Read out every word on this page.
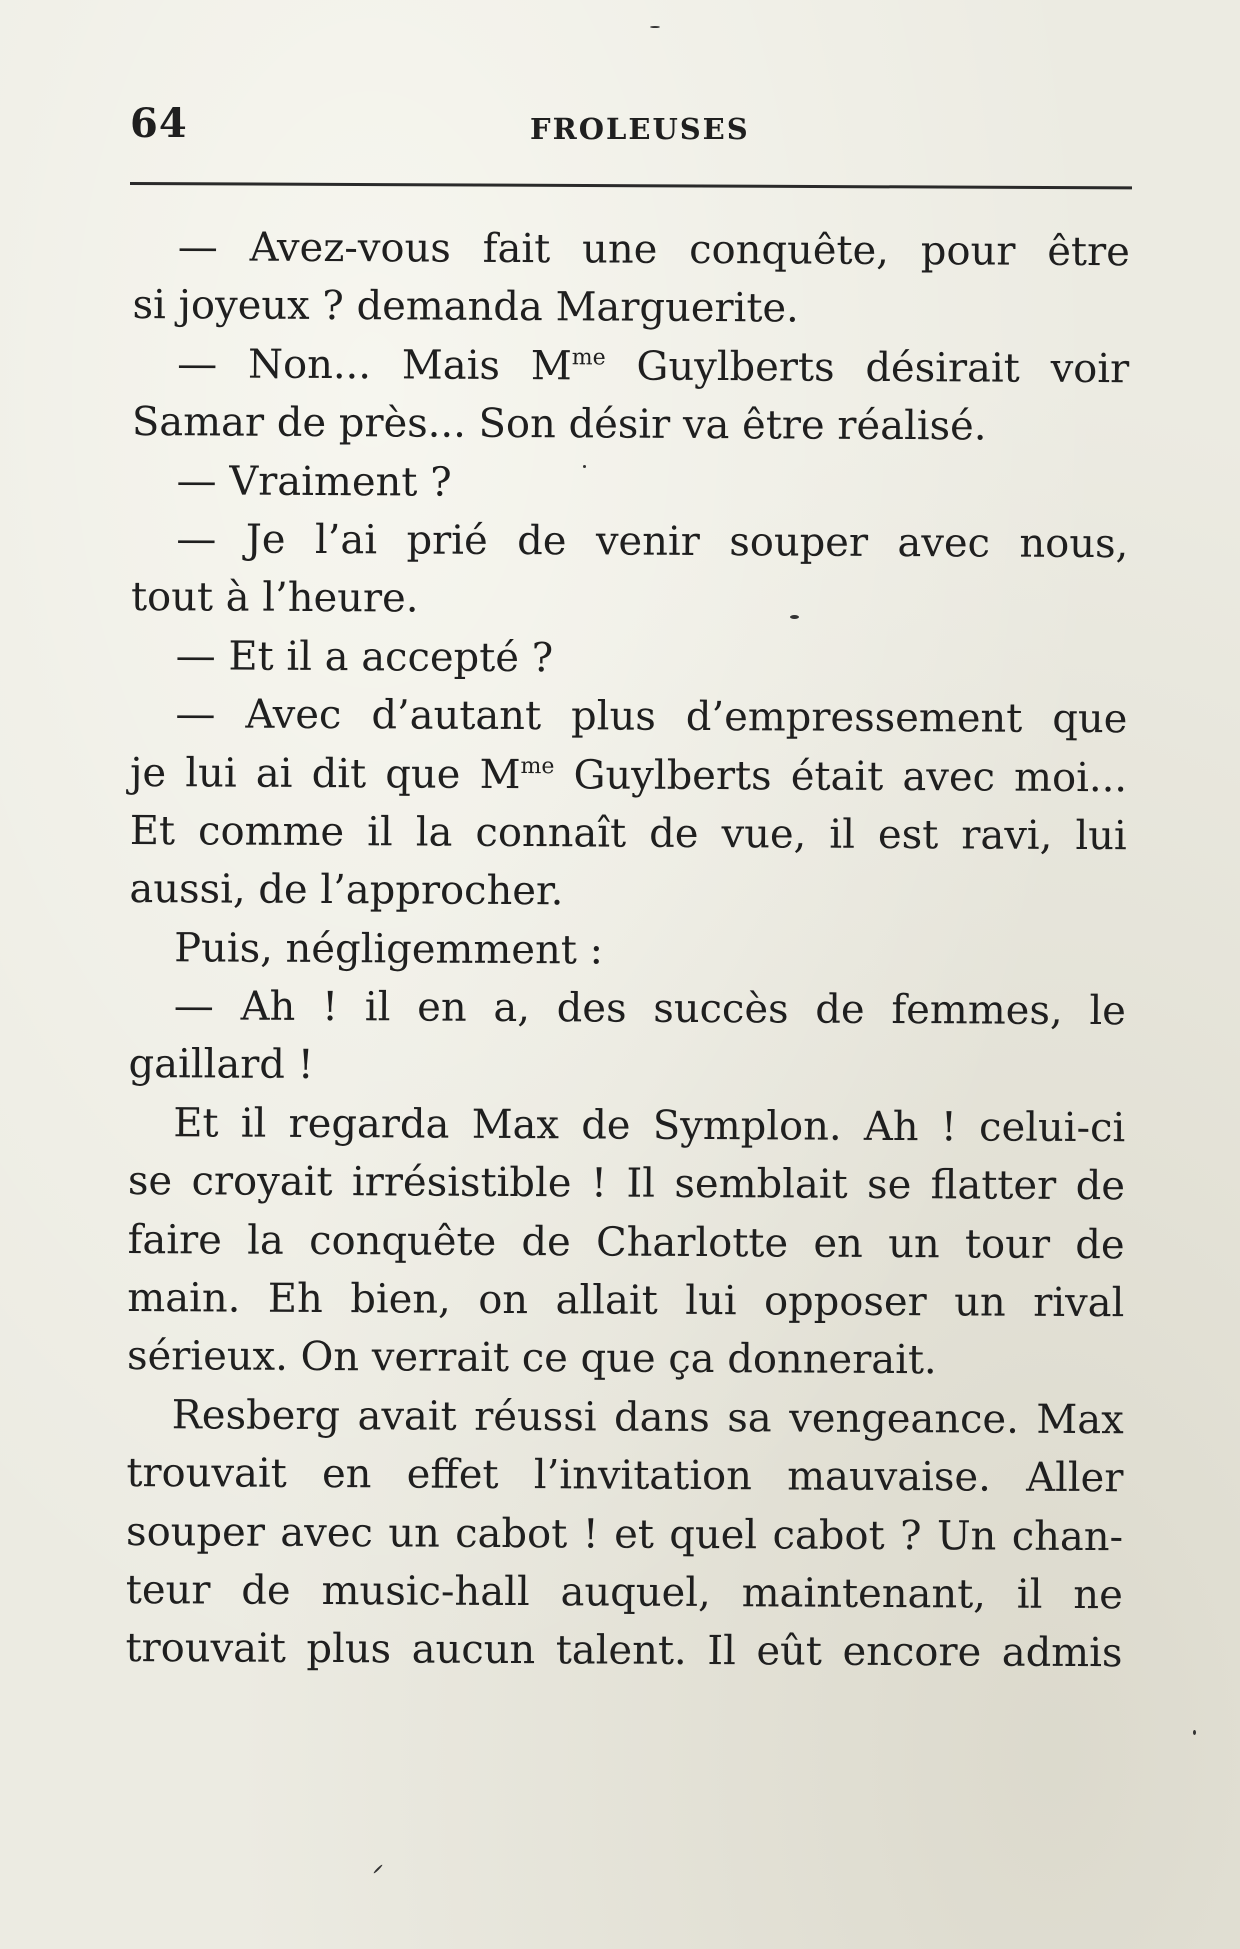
64	FROLEUSES
— Avez-vous fait une conquête, pour être
si joyeux ? demanda Marguerite.
— Non... Mais $M^{me}$ Guylberts désirait voir
Samar de près... Son désir va être réalisé.
— Vraiment ?
— Je l’ai prié de venir souper avec nous,
tout à l’heure.
— Et il a accepté ?
— Avec d’autant plus d’empressement que
je lui ai dit que $M^{me}$ Guylberts était avec moi...
Et comme il la connaît de vue, il est ravi, lui
aussi, de l’approcher.
Puis, négligemment :
— Ah ! il en a, des succès de femmes, le
gaillard !
Et il regarda Max de Symplon. Ah ! celui-ci
se croyait irrésistible ! Il semblait se flatter de
faire la conquête de Charlotte en un tour de
main. Eh bien, on allait lui opposer un rival
sérieux. On verrait ce que ça donnerait.
Resberg avait réussi dans sa vengeance. Max
trouvait en effet l’invitation mauvaise. Aller
souper avec un cabot ! et quel cabot ? Un chan-
teur de music-hall auquel, maintenant, il ne
trouvait plus aucun talent. Il eût encore admis
